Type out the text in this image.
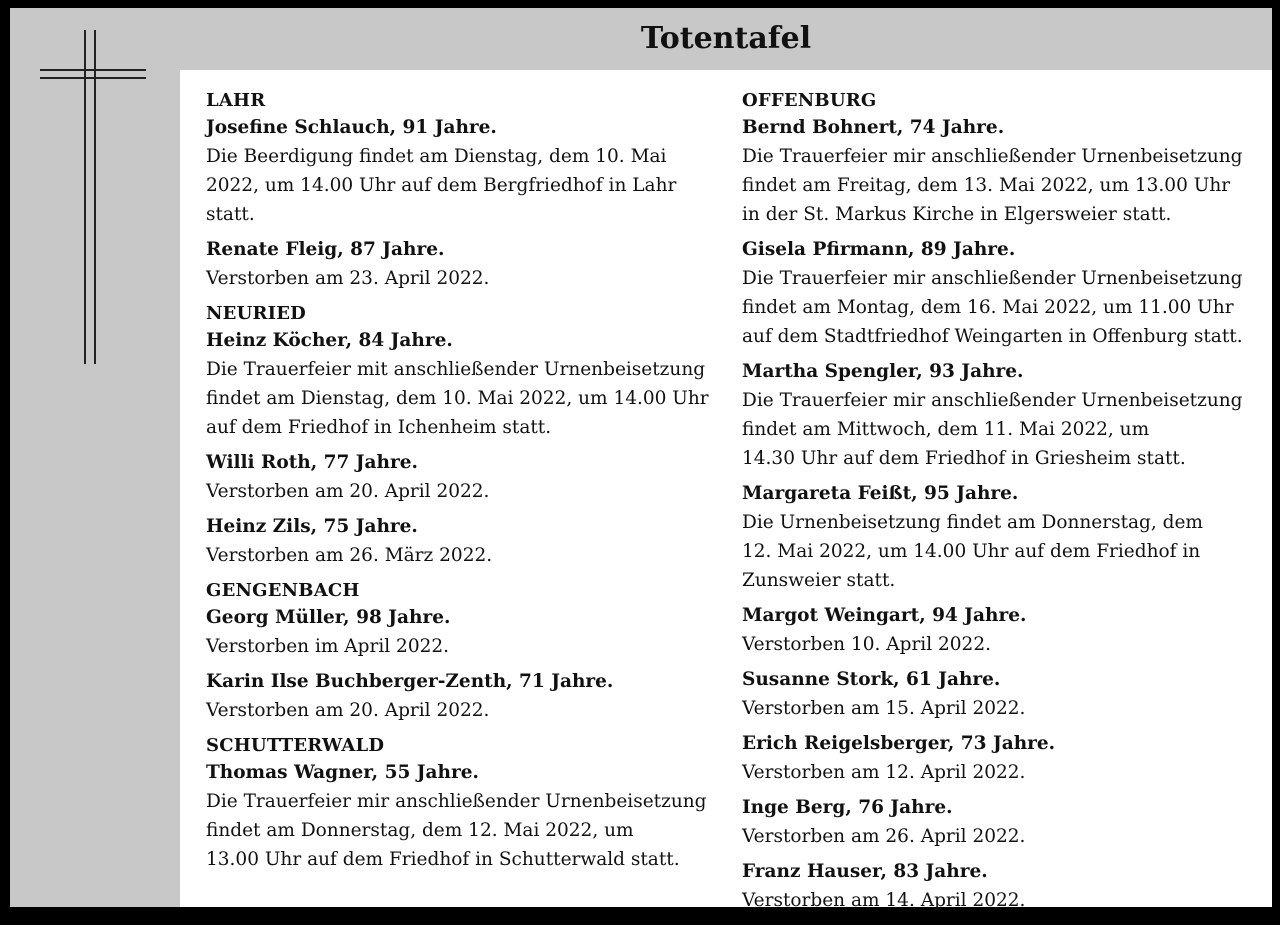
Totentafel
LAHR
Josefine Schlauch, 91 Jahre.
Die Beerdigung findet am Dienstag, dem 10. Mai
2022, um 14.00 Uhr auf dem Bergfriedhof in Lahr
statt.
Renate Fleig, 87 Jahre.
Verstorben am 23. April 2022.
NEURIED
Heinz Köcher, 84 Jahre.
Die Trauerfeier mit anschließender Urnenbeisetzung
findet am Dienstag, dem 10. Mai 2022, um 14.00 Uhr
auf dem Friedhof in Ichenheim statt.
Willi Roth, 77 Jahre.
Verstorben am 20. April 2022.
Heinz Zils, 75 Jahre.
Verstorben am 26. März 2022.
GENGENBACH
Georg Müller, 98 Jahre.
Verstorben im April 2022.
Karin Ilse Buchberger-Zenth, 71 Jahre.
Verstorben am 20. April 2022.
SCHUTTERWALD
Thomas Wagner, 55 Jahre.
Die Trauerfeier mir anschließender Urnenbeisetzung
findet am Donnerstag, dem 12. Mai 2022, um
13.00 Uhr auf dem Friedhof in Schutterwald statt.
OFFENBURG
Bernd Bohnert, 74 Jahre.
Die Trauerfeier mir anschließender Urnenbeisetzung
findet am Freitag, dem 13. Mai 2022, um 13.00 Uhr
in der St. Markus Kirche in Elgersweier statt.
Gisela Pfirmann, 89 Jahre.
Die Trauerfeier mir anschließender Urnenbeisetzung
findet am Montag, dem 16. Mai 2022, um 11.00 Uhr
auf dem Stadtfriedhof Weingarten in Offenburg statt.
Martha Spengler, 93 Jahre.
Die Trauerfeier mir anschließender Urnenbeisetzung
findet am Mittwoch, dem 11. Mai 2022, um
14.30 Uhr auf dem Friedhof in Griesheim statt.
Margareta Feißt, 95 Jahre.
Die Urnenbeisetzung findet am Donnerstag, dem
12. Mai 2022, um 14.00 Uhr auf dem Friedhof in
Zunsweier statt.
Margot Weingart, 94 Jahre.
Verstorben 10. April 2022.
Susanne Stork, 61 Jahre.
Verstorben am 15. April 2022.
Erich Reigelsberger, 73 Jahre.
Verstorben am 12. April 2022.
Inge Berg, 76 Jahre.
Verstorben am 26. April 2022.
Franz Hauser, 83 Jahre.
Verstorben am 14. April 2022.
